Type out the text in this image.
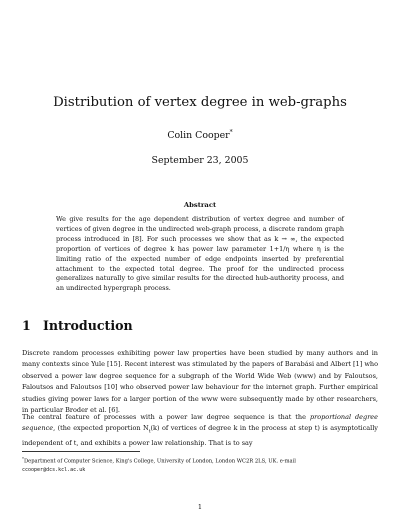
Distribution of vertex degree in web-graphs
Colin Cooper*
September 23, 2005
Abstract
We give results for the age dependent distribution of vertex degree and number of vertices of given degree in the undirected web-graph process, a discrete random graph process introduced in [8]. For such processes we show that as k → ∞, the expected proportion of vertices of degree k has power law parameter 1+1/η where η is the limiting ratio of the expected number of edge endpoints inserted by preferential attachment to the expected total degree. The proof for the undirected process generalizes naturally to give similar results for the directed hub-authority process, and an undirected hypergraph process.
1 Introduction
Discrete random processes exhibiting power law properties have been studied by many authors and in many contexts since Yule [15]. Recent interest was stimulated by the papers of Barabási and Albert [1] who observed a power law degree sequence for a subgraph of the World Wide Web (www) and by Faloutsos, Faloutsos and Faloutsos [10] who observed power law behaviour for the internet graph. Further empirical studies giving power laws for a larger portion of the www were subsequently made by other researchers, in particular Broder et al. [6].
The central feature of processes with a power law degree sequence is that the proportional degree sequence, (the expected proportion $N_t(k)$ of vertices of degree k in the process at step t) is asymptotically independent of t, and exhibits a power law relationship. That is to say
*Department of Computer Science, King's College, University of London, London WC2R 2LS, UK. e-mail
ccooper@dcs.kcl.ac.uk
1
